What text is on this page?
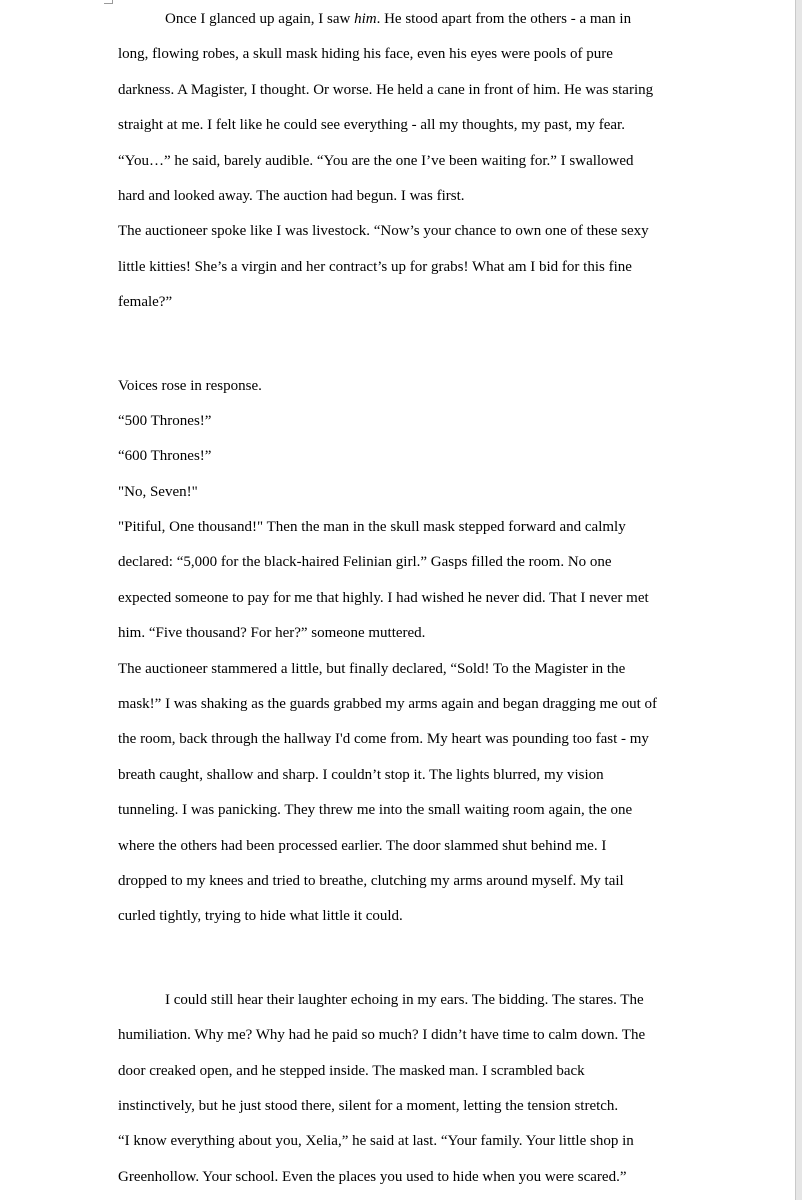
Once I glanced up again, I saw him. He stood apart from the others - a man in
long, flowing robes, a skull mask hiding his face, even his eyes were pools of pure
darkness. A Magister, I thought. Or worse. He held a cane in front of him. He was staring
straight at me. I felt like he could see everything - all my thoughts, my past, my fear.
“You…” he said, barely audible. “You are the one I’ve been waiting for.” I swallowed
hard and looked away. The auction had begun. I was first.
The auctioneer spoke like I was livestock. “Now’s your chance to own one of these sexy
little kitties! She’s a virgin and her contract’s up for grabs! What am I bid for this fine
female?”
Voices rose in response.
“500 Thrones!”
“600 Thrones!”
"No, Seven!"
"Pitiful, One thousand!" Then the man in the skull mask stepped forward and calmly
declared: “5,000 for the black-haired Felinian girl.” Gasps filled the room. No one
expected someone to pay for me that highly. I had wished he never did. That I never met
him. “Five thousand? For her?” someone muttered.
The auctioneer stammered a little, but finally declared, “Sold! To the Magister in the
mask!” I was shaking as the guards grabbed my arms again and began dragging me out of
the room, back through the hallway I'd come from. My heart was pounding too fast - my
breath caught, shallow and sharp. I couldn’t stop it. The lights blurred, my vision
tunneling. I was panicking. They threw me into the small waiting room again, the one
where the others had been processed earlier. The door slammed shut behind me. I
dropped to my knees and tried to breathe, clutching my arms around myself. My tail
curled tightly, trying to hide what little it could.
I could still hear their laughter echoing in my ears. The bidding. The stares. The
humiliation. Why me? Why had he paid so much? I didn’t have time to calm down. The
door creaked open, and he stepped inside. The masked man. I scrambled back
instinctively, but he just stood there, silent for a moment, letting the tension stretch.
“I know everything about you, Xelia,” he said at last. “Your family. Your little shop in
Greenhollow. Your school. Even the places you used to hide when you were scared.”
